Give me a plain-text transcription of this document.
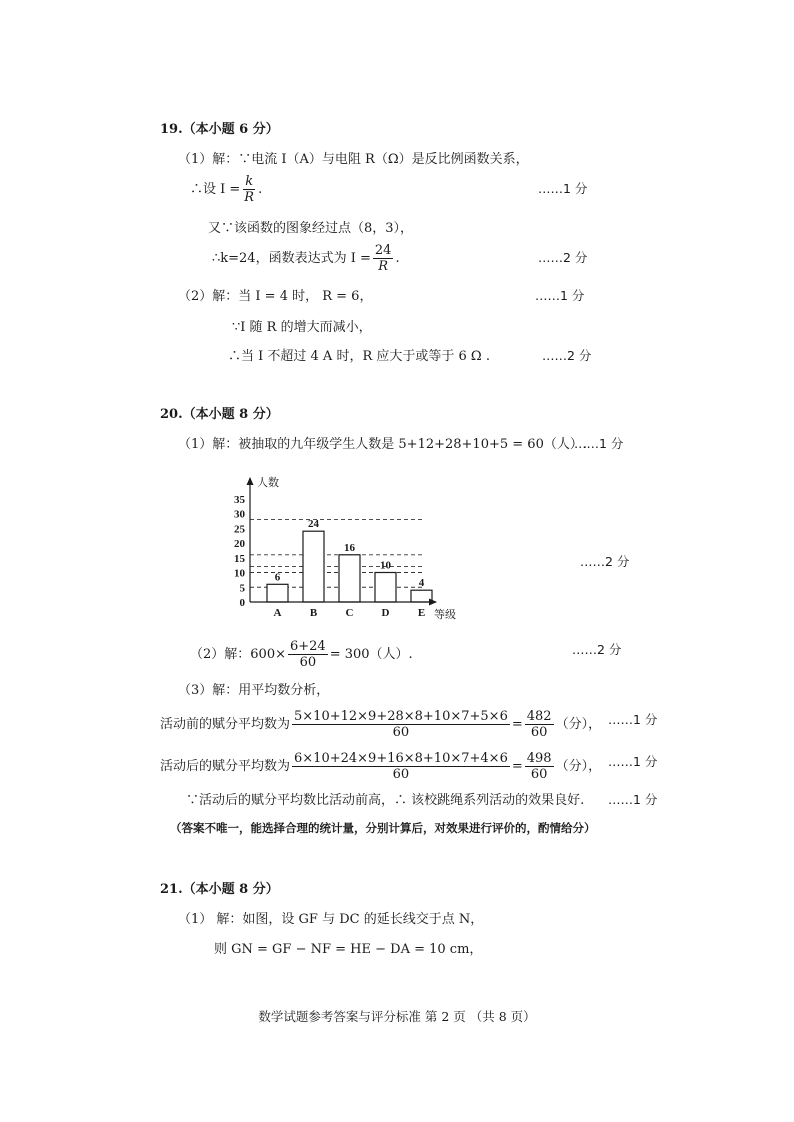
19.（本小题 6 分）
（1）解：∵电流 I（A）与电阻 R（Ω）是反比例函数关系，
∴设 $I = \frac{k}{R}$ .	……1 分
又∵该函数的图象经过点（8，3），
∴k=24，函数表达式为 $I = \frac{24}{R}$ .	……2 分
（2）解：当 I = 4 时， R = 6，	……1 分
∵I 随 R 的增大而减小，
∴当 I 不超过 4 A 时，R 应大于或等于 6 Ω .	……2 分
20.（本小题 8 分）
（1）解：被抽取的九年级学生人数是 5+12+28+10+5 = 60（人）.
……1 分
0
5
10
15
20
25
30
35
A	B	C	D	E
6
24
16
10
4
人数
等级
……2 分
（2）解：$600\times \frac{6+24}{60} = 300$（人）.	……2 分
（3）解：用平均数分析，
活动前的赋分平均数为 $\frac{5\times 10+12\times 9+28\times 8+10\times 7+5\times 6}{60} = \frac{482}{60}$ （分）， ……1 分
活动后的赋分平均数为 $\frac{6\times 10+24\times 9+16\times 8+10\times 7+4\times 6}{60} = \frac{498}{60}$ （分）， ……1 分
∵活动后的赋分平均数比活动前高，∴ 该校跳绳系列活动的效果良好. ……1 分
（答案不唯一，能选择合理的统计量，分别计算后，对效果进行评价的，酌情给分）
21.（本小题 8 分）
（1） 解：如图，设 GF 与 DC 的延长线交于点 N，
则 GN = GF − NF = HE − DA = 10 cm，
数学试题参考答案与评分标准 第 2 页 （共 8 页）
